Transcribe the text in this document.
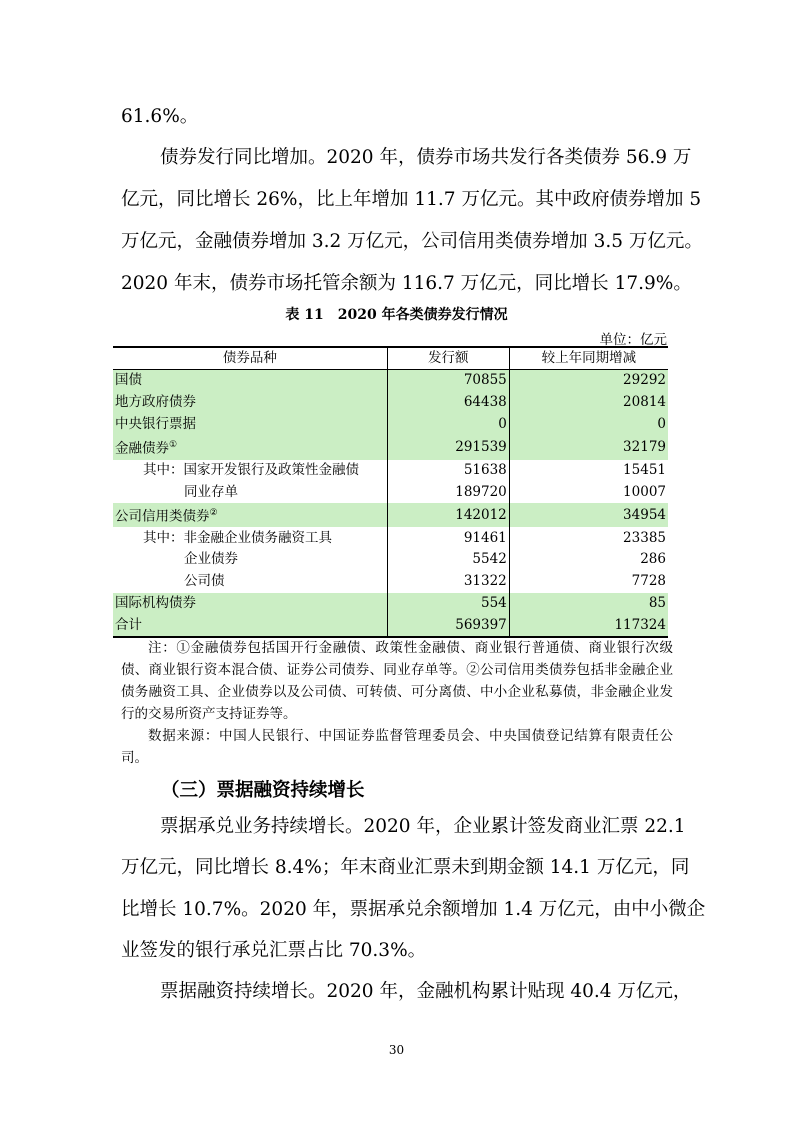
61.6%。
债券发行同比增加。2020 年，债券市场共发行各类债券 56.9 万
亿元，同比增长 26%，比上年增加 11.7 万亿元。其中政府债券增加 5
万亿元，金融债券增加 3.2 万亿元，公司信用类债券增加 3.5 万亿元。
2020 年末，债券市场托管余额为 116.7 万亿元，同比增长 17.9%。
表 11　2020 年各类债券发行情况
单位：亿元
债券品种	发行额	较上年同期增减
国债	70855	29292
地方政府债券	64438	20814
中央银行票据	0	0
金融债券①	291539	32179
其中：国家开发银行及政策性金融债	51638	15451
同业存单	189720	10007
公司信用类债券②	142012	34954
其中：非金融企业债务融资工具	91461	23385
企业债券	5542	286
公司债	31322	7728
国际机构债券	554	85
合计	569397	117324

注：①金融债券包括国开行金融债、政策性金融债、商业银行普通债、商业银行次级债、商业银行资本混合债、证券公司债券、同业存单等。②公司信用类债券包括非金融企业债务融资工具、企业债券以及公司债、可转债、可分离债、中小企业私募债，非金融企业发行的交易所资产支持证券等。

数据来源：中国人民银行、中国证券监督管理委员会、中央国债登记结算有限责任公司。

（三）票据融资持续增长
票据承兑业务持续增长。2020 年，企业累计签发商业汇票 22.1
万亿元，同比增长 8.4%；年末商业汇票未到期金额 14.1 万亿元，同
比增长 10.7%。2020 年，票据承兑余额增加 1.4 万亿元，由中小微企
业签发的银行承兑汇票占比 70.3%。
票据融资持续增长。2020 年，金融机构累计贴现 40.4 万亿元，
30
